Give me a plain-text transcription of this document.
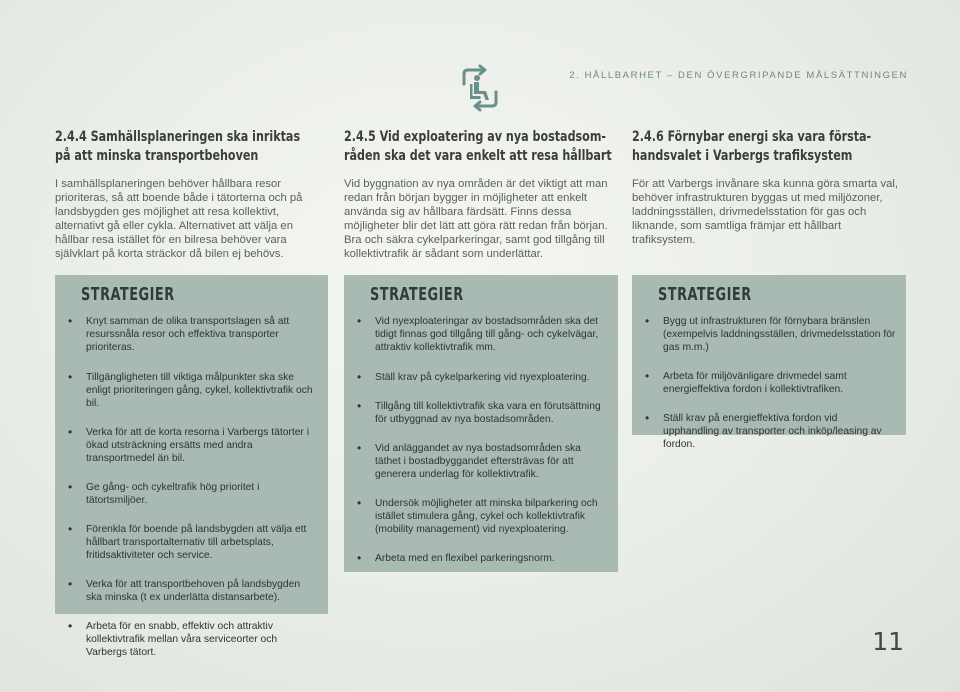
2. HÅLLBARHET – DEN ÖVERGRIPANDE MÅLSÄTTNINGEN
2.4.4 Samhällsplaneringen ska inriktas
på att minska transportbehoven

I samhällsplaneringen behöver hållbara resor prioriteras, så att boende både i tätorterna och på landsbygden ges möjlighet att resa kollektivt, alternativt gå eller cykla. Alternativet att välja en hållbar resa istället för en bilresa behöver vara självklart på korta sträckor då bilen ej behövs.

STRATEGIER
• Knyt samman de olika transportslagen så att resurssnåla resor och effektiva transporter prioriteras.
• Tillgängligheten till viktiga målpunkter ska ske enligt prioriteringen gång, cykel, kollektivtrafik och bil.
• Verka för att de korta resorna i Varbergs tätorter i ökad utsträckning ersätts med andra transportmedel än bil.
• Ge gång- och cykeltrafik hög prioritet i tätortsmiljöer.
• Förenkla för boende på landsbygden att välja ett hållbart transportalternativ till arbetsplats, fritidsaktiviteter och service.
• Verka för att transportbehoven på landsbygden ska minska (t ex underlätta distansarbete).
• Arbeta för en snabb, effektiv och attraktiv kollektivtrafik mellan våra serviceorter och Varbergs tätort.
2.4.5 Vid exploatering av nya bostadsom-
råden ska det vara enkelt att resa hållbart

Vid byggnation av nya områden är det viktigt att man redan från början bygger in möjligheter att enkelt använda sig av hållbara färdsätt. Finns dessa möjligheter blir det lätt att göra rätt redan från början. Bra och säkra cykelparkeringar, samt god tillgång till kollektivtrafik är sådant som underlättar.

STRATEGIER
• Vid nyexploateringar av bostadsområden ska det tidigt finnas god tillgång till gång- och cykelvägar, attraktiv kollektivtrafik mm.
• Ställ krav på cykelparkering vid nyexploatering.
• Tillgång till kollektivtrafik ska vara en förutsättning för utbyggnad av nya bostadsområden.
• Vid anläggandet av nya bostadsområden ska täthet i bostadbyggandet eftersträvas för att generera underlag för kollektivtrafik.
• Undersök möjligheter att minska bilparkering och istället stimulera gång, cykel och kollektivtrafik (mobility management) vid nyexploatering.
• Arbeta med en flexibel parkeringsnorm.
2.4.6 Förnybar energi ska vara första-
handsvalet i Varbergs trafiksystem

För att Varbergs invånare ska kunna göra smarta val, behöver infrastrukturen byggas ut med miljözoner, laddningsställen, drivmedelsstation för gas och liknande, som samtliga främjar ett hållbart trafiksystem.

STRATEGIER
• Bygg ut infrastrukturen för förnybara bränslen (exempelvis laddningsställen, drivmedelsstation för gas m.m.)
• Arbeta för miljövänligare drivmedel samt energieffektiva fordon i kollektivtrafiken.
• Ställ krav på energieffektiva fordon vid upphandling av transporter och inköp/leasing av fordon.
11
